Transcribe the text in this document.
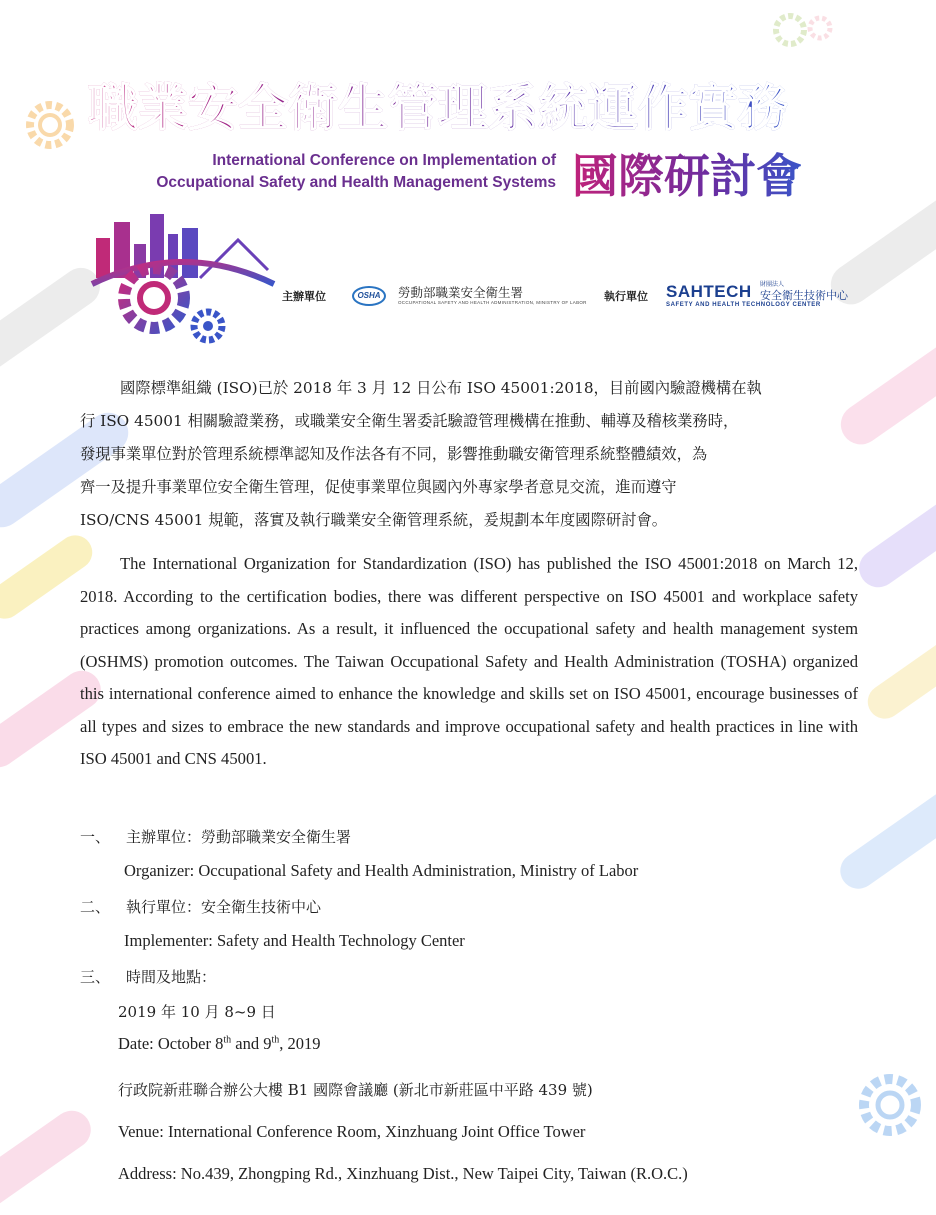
職業安全衛生管理系統運作實務
International Conference on Implementation of
Occupational Safety and Health Management Systems 國際研討會
主辦單位	OSHA	勞動部職業安全衛生署
OCCUPATIONAL SAFETY AND HEALTH ADMINISTRATION, MINISTRY OF LABOR 執行單位 SAHTECH 財團法人
安全衛生技術中心
SAFETY AND HEALTH TECHNOLOGY CENTER
國際標準組織 (ISO)已於 2018 年 3 月 12 日公布 ISO 45001:2018，目前國內驗證機構在執
行 ISO 45001 相關驗證業務，或職業安全衛生署委託驗證管理機構在推動、輔導及稽核業務時，
發現事業單位對於管理系統標準認知及作法各有不同，影響推動職安衛管理系統整體績效，為
齊一及提升事業單位安全衛生管理，促使事業單位與國內外專家學者意見交流，進而遵守
ISO/CNS 45001 規範，落實及執行職業安全衛管理系統，爰規劃本年度國際研討會。

The International Organization for Standardization (ISO) has published the ISO 45001:2018 on March 12, 2018. According to the certification bodies, there was different perspective on ISO 45001 and workplace safety practices among organizations. As a result, it influenced the occupational safety and health management system (OSHMS) promotion outcomes. The Taiwan Occupational Safety and Health Administration (TOSHA) organized this international conference aimed to enhance the knowledge and skills set on ISO 45001, encourage businesses of all types and sizes to embrace the new standards and improve occupational safety and health practices in line with ISO 45001 and CNS 45001.

一、 主辦單位：勞動部職業安全衛生署
Organizer: Occupational Safety and Health Administration, Ministry of Labor
二、 執行單位：安全衛生技術中心
Implementer: Safety and Health Technology Center
三、 時間及地點：
2019 年 10 月 8~9 日
Date: October 8th and 9th, 2019
行政院新莊聯合辦公大樓 B1 國際會議廳 (新北市新莊區中平路 439 號)
Venue: International Conference Room, Xinzhuang Joint Office Tower
Address: No.439, Zhongping Rd., Xinzhuang Dist., New Taipei City, Taiwan (R.O.C.)
